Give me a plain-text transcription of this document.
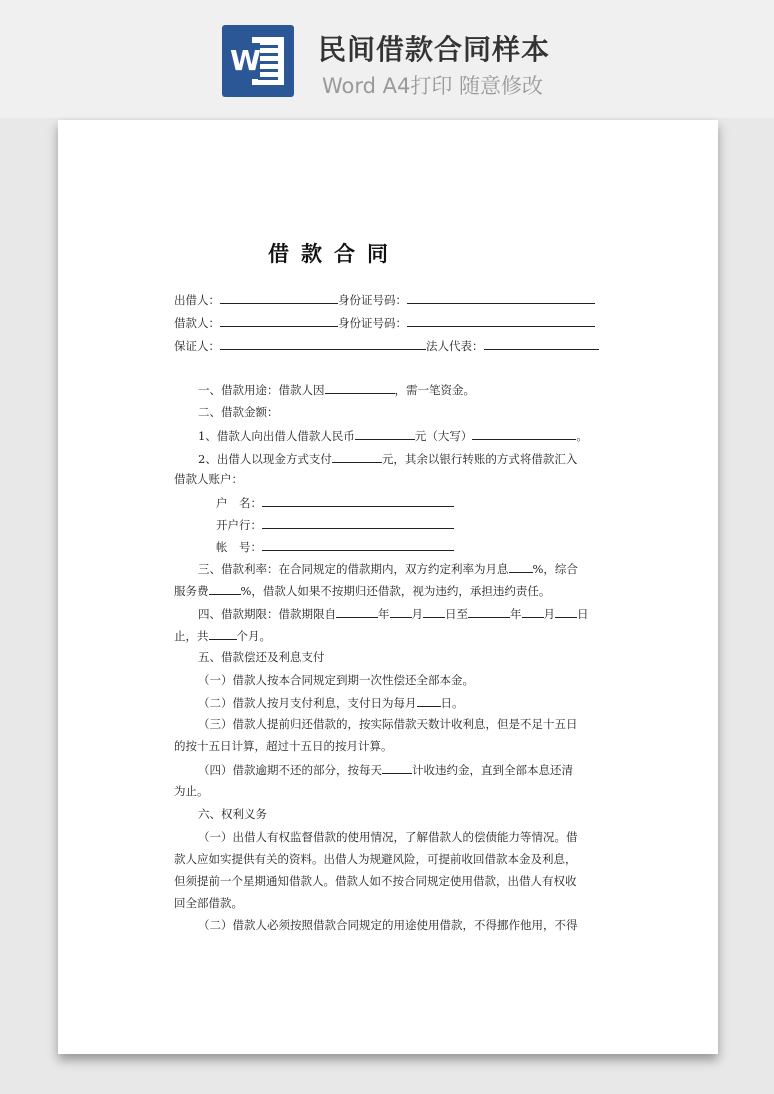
W 民间借款合同样本
Word A4打印 随意修改
借款合同
出借人：	身份证号码：
借款人：	身份证号码：
保证人：	法人代表：
一、借款用途：借款人因	，需一笔资金。
二、借款金额：
1、借款人向出借人借款人民币	元（大写）	。
2、出借人以现金方式支付	元，其余以银行转账的方式将借款汇入
借款人账户：
户　名：
开户行：
帐　号：
三、借款利率：在合同规定的借款期内，双方约定利率为月息 %，综合
服务费	%，借款人如果不按期归还借款，视为违约，承担违约责任。
四、借款期限：借款期限自	年 月 日至	年 月 日
止，共 个月。
五、借款偿还及利息支付
（一）借款人按本合同规定到期一次性偿还全部本金。
（二）借款人按月支付利息，支付日为每月 日。
（三）借款人提前归还借款的，按实际借款天数计收利息，但是不足十五日
的按十五日计算，超过十五日的按月计算。
（四）借款逾期不还的部分，按每天	计收违约金，直到全部本息还清
为止。
六、权利义务
（一）出借人有权监督借款的使用情况，了解借款人的偿债能力等情况。借
款人应如实提供有关的资料。出借人为规避风险，可提前收回借款本金及利息，
但须提前一个星期通知借款人。借款人如不按合同规定使用借款，出借人有权收
回全部借款。
（二）借款人必须按照借款合同规定的用途使用借款，不得挪作他用，不得
